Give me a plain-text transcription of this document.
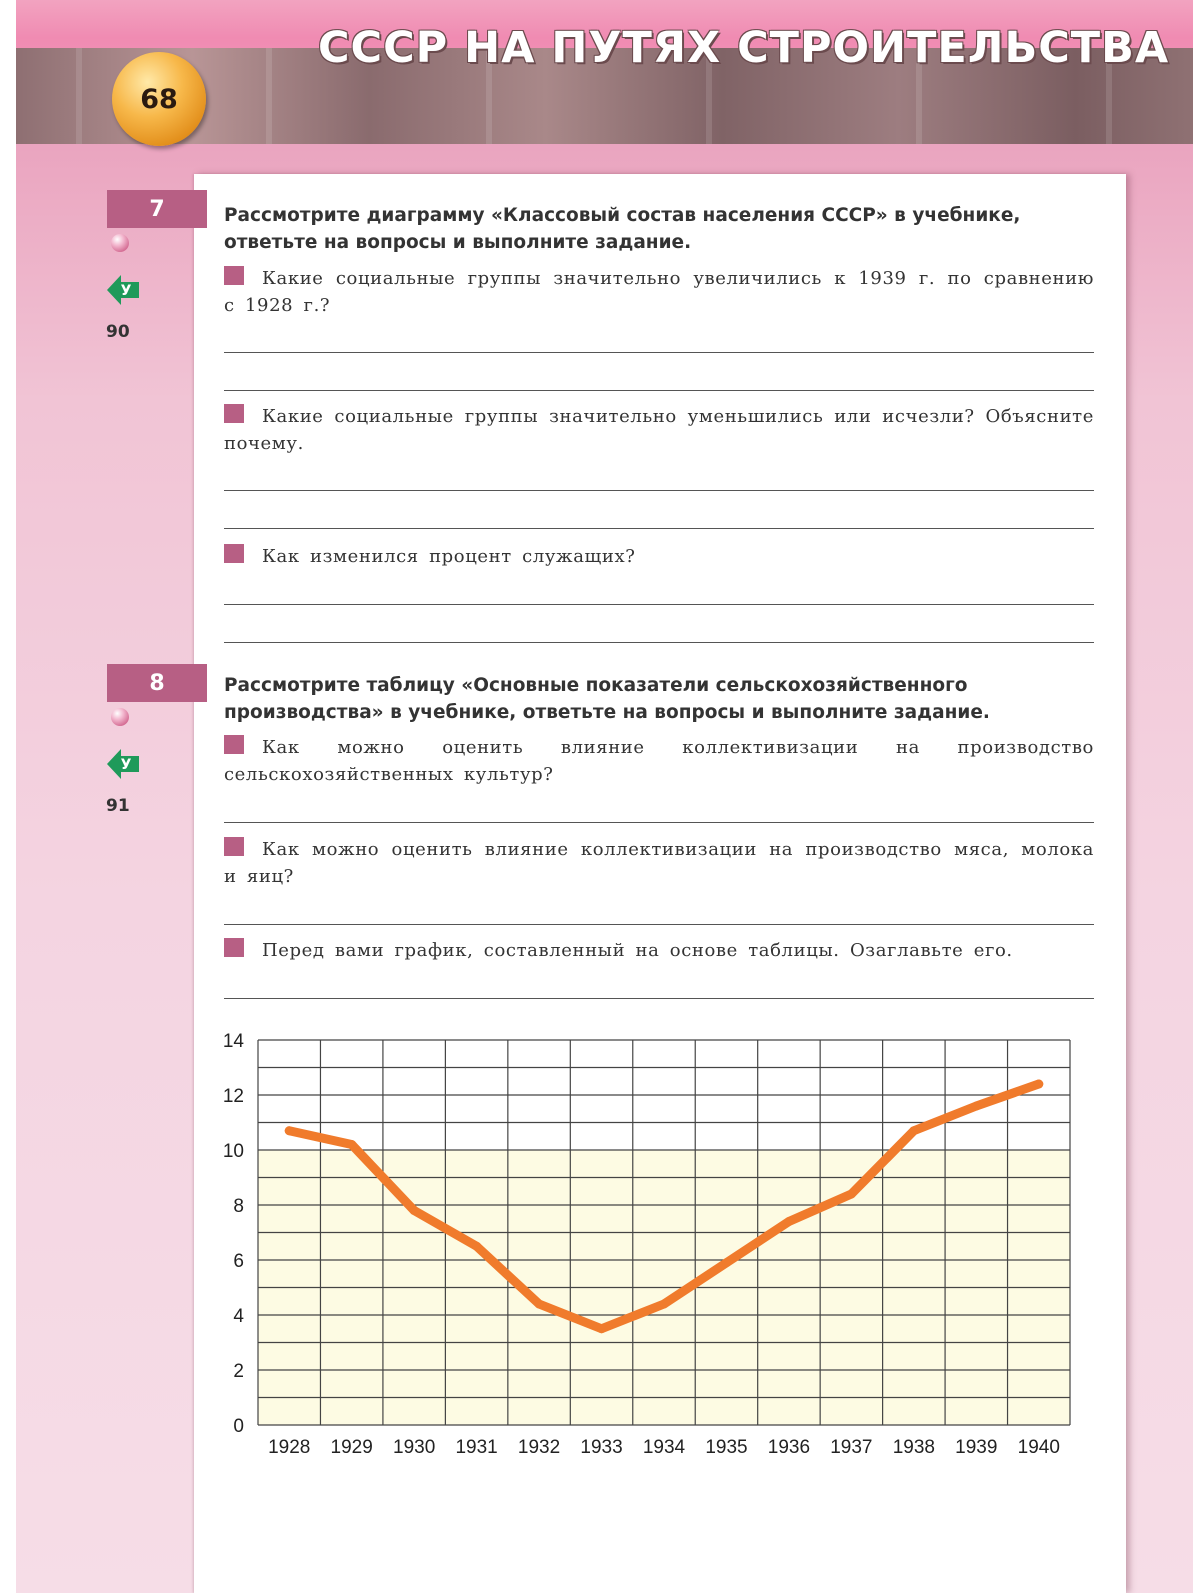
СССР НА ПУТЯХ СТРОИТЕЛЬСТВА
68
7
У
90

Рассмотрите диаграмму «Классовый состав населения СССР» в учебнике, ответьте на вопросы и выполните задание.

Какие социальные группы значительно увеличились к 1939 г. по сравнению с 1928 г.?

Какие социальные группы значительно уменьшились или исчезли? Объясните почему.

Как изменился процент служащих?

8
У
91

Рассмотрите таблицу «Основные показатели сельскохозяйственного производства» в учебнике, ответьте на вопросы и выполните задание.

Как можно оценить влияние коллективизации на производство сельскохозяйственных культур?

Как можно оценить влияние коллективизации на производство мяса, молока и яиц?

Перед вами график, составленный на основе таблицы. Озаглавьте его.

0
2
4
6
8
10
12
14
1928 1929 1930 1931 1932 1933 1934 1935 1936 1937 1938 1939 1940
